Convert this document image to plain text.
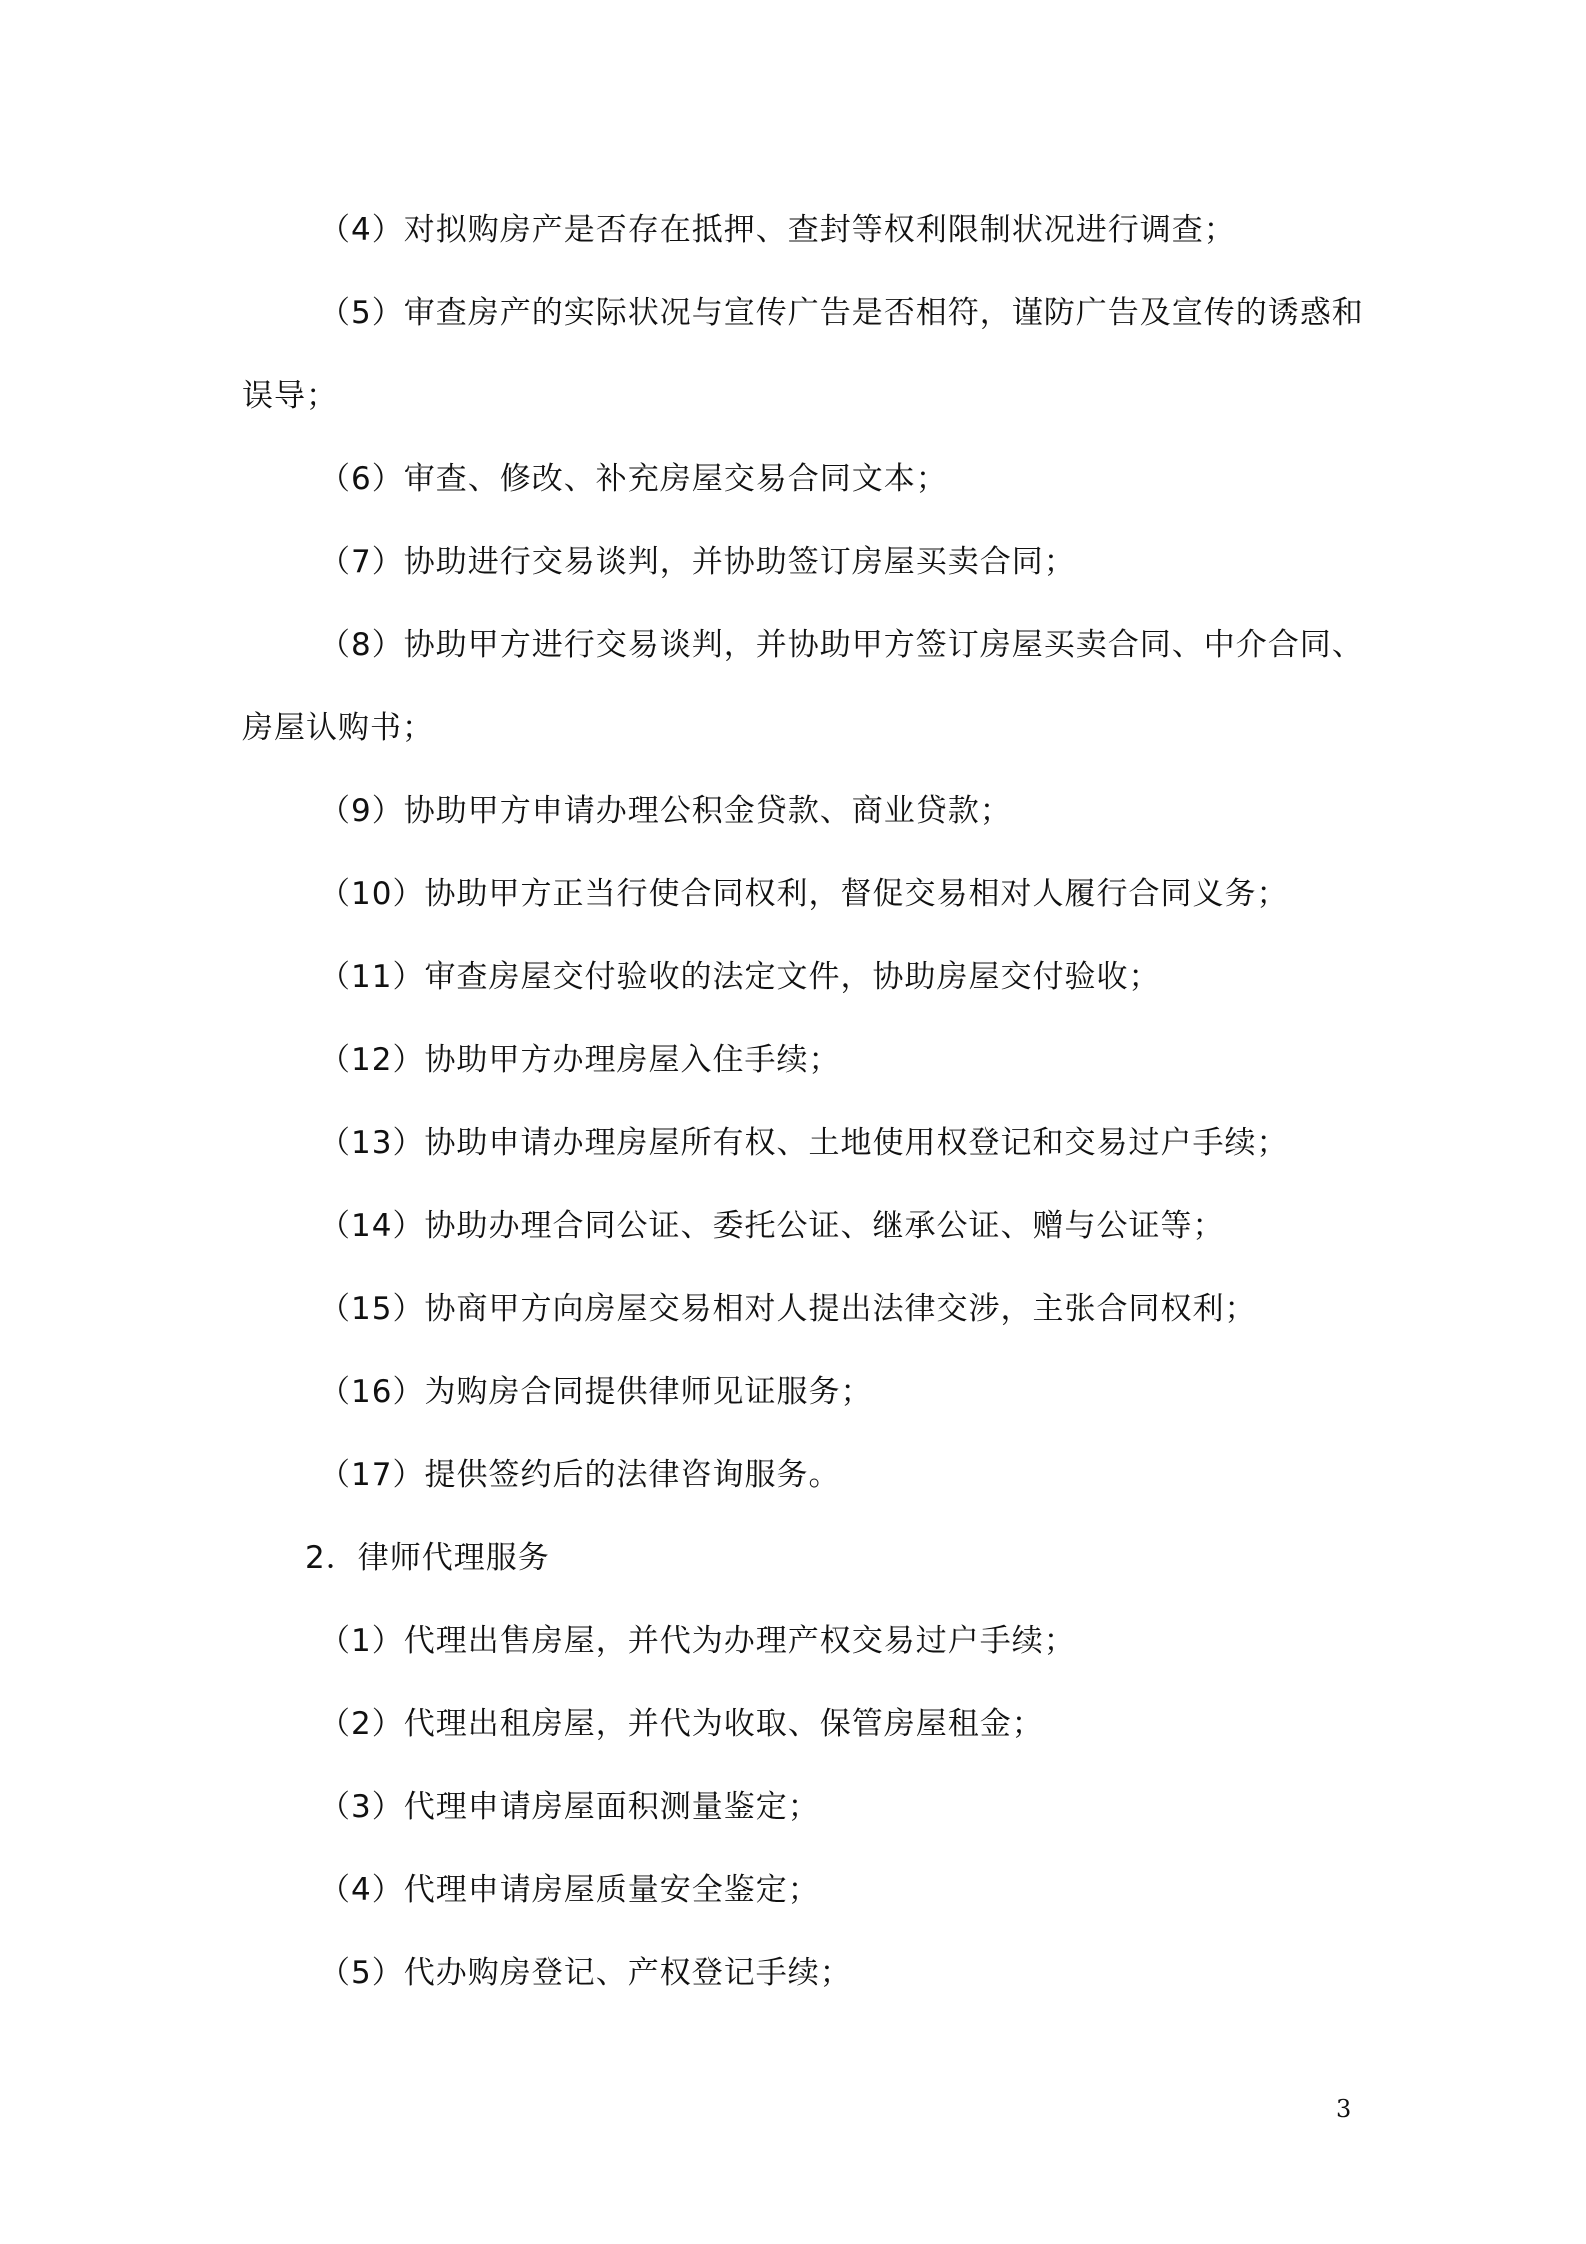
（4）对拟购房产是否存在抵押、查封等权利限制状况进行调查；
（5）审查房产的实际状况与宣传广告是否相符，谨防广告及宣传的诱惑和
误导；
（6）审查、修改、补充房屋交易合同文本；
（7）协助进行交易谈判，并协助签订房屋买卖合同；
（8）协助甲方进行交易谈判，并协助甲方签订房屋买卖合同、中介合同、
房屋认购书；
（9）协助甲方申请办理公积金贷款、商业贷款；
（10）协助甲方正当行使合同权利，督促交易相对人履行合同义务；
（11）审查房屋交付验收的法定文件，协助房屋交付验收；
（12）协助甲方办理房屋入住手续；
（13）协助申请办理房屋所有权、土地使用权登记和交易过户手续；
（14）协助办理合同公证、委托公证、继承公证、赠与公证等；
（15）协商甲方向房屋交易相对人提出法律交涉，主张合同权利；
（16）为购房合同提供律师见证服务；
（17）提供签约后的法律咨询服务。
2．律师代理服务
（1）代理出售房屋，并代为办理产权交易过户手续；
（2）代理出租房屋，并代为收取、保管房屋租金；
（3）代理申请房屋面积测量鉴定；
（4）代理申请房屋质量安全鉴定；
（5）代办购房登记、产权登记手续；
3
